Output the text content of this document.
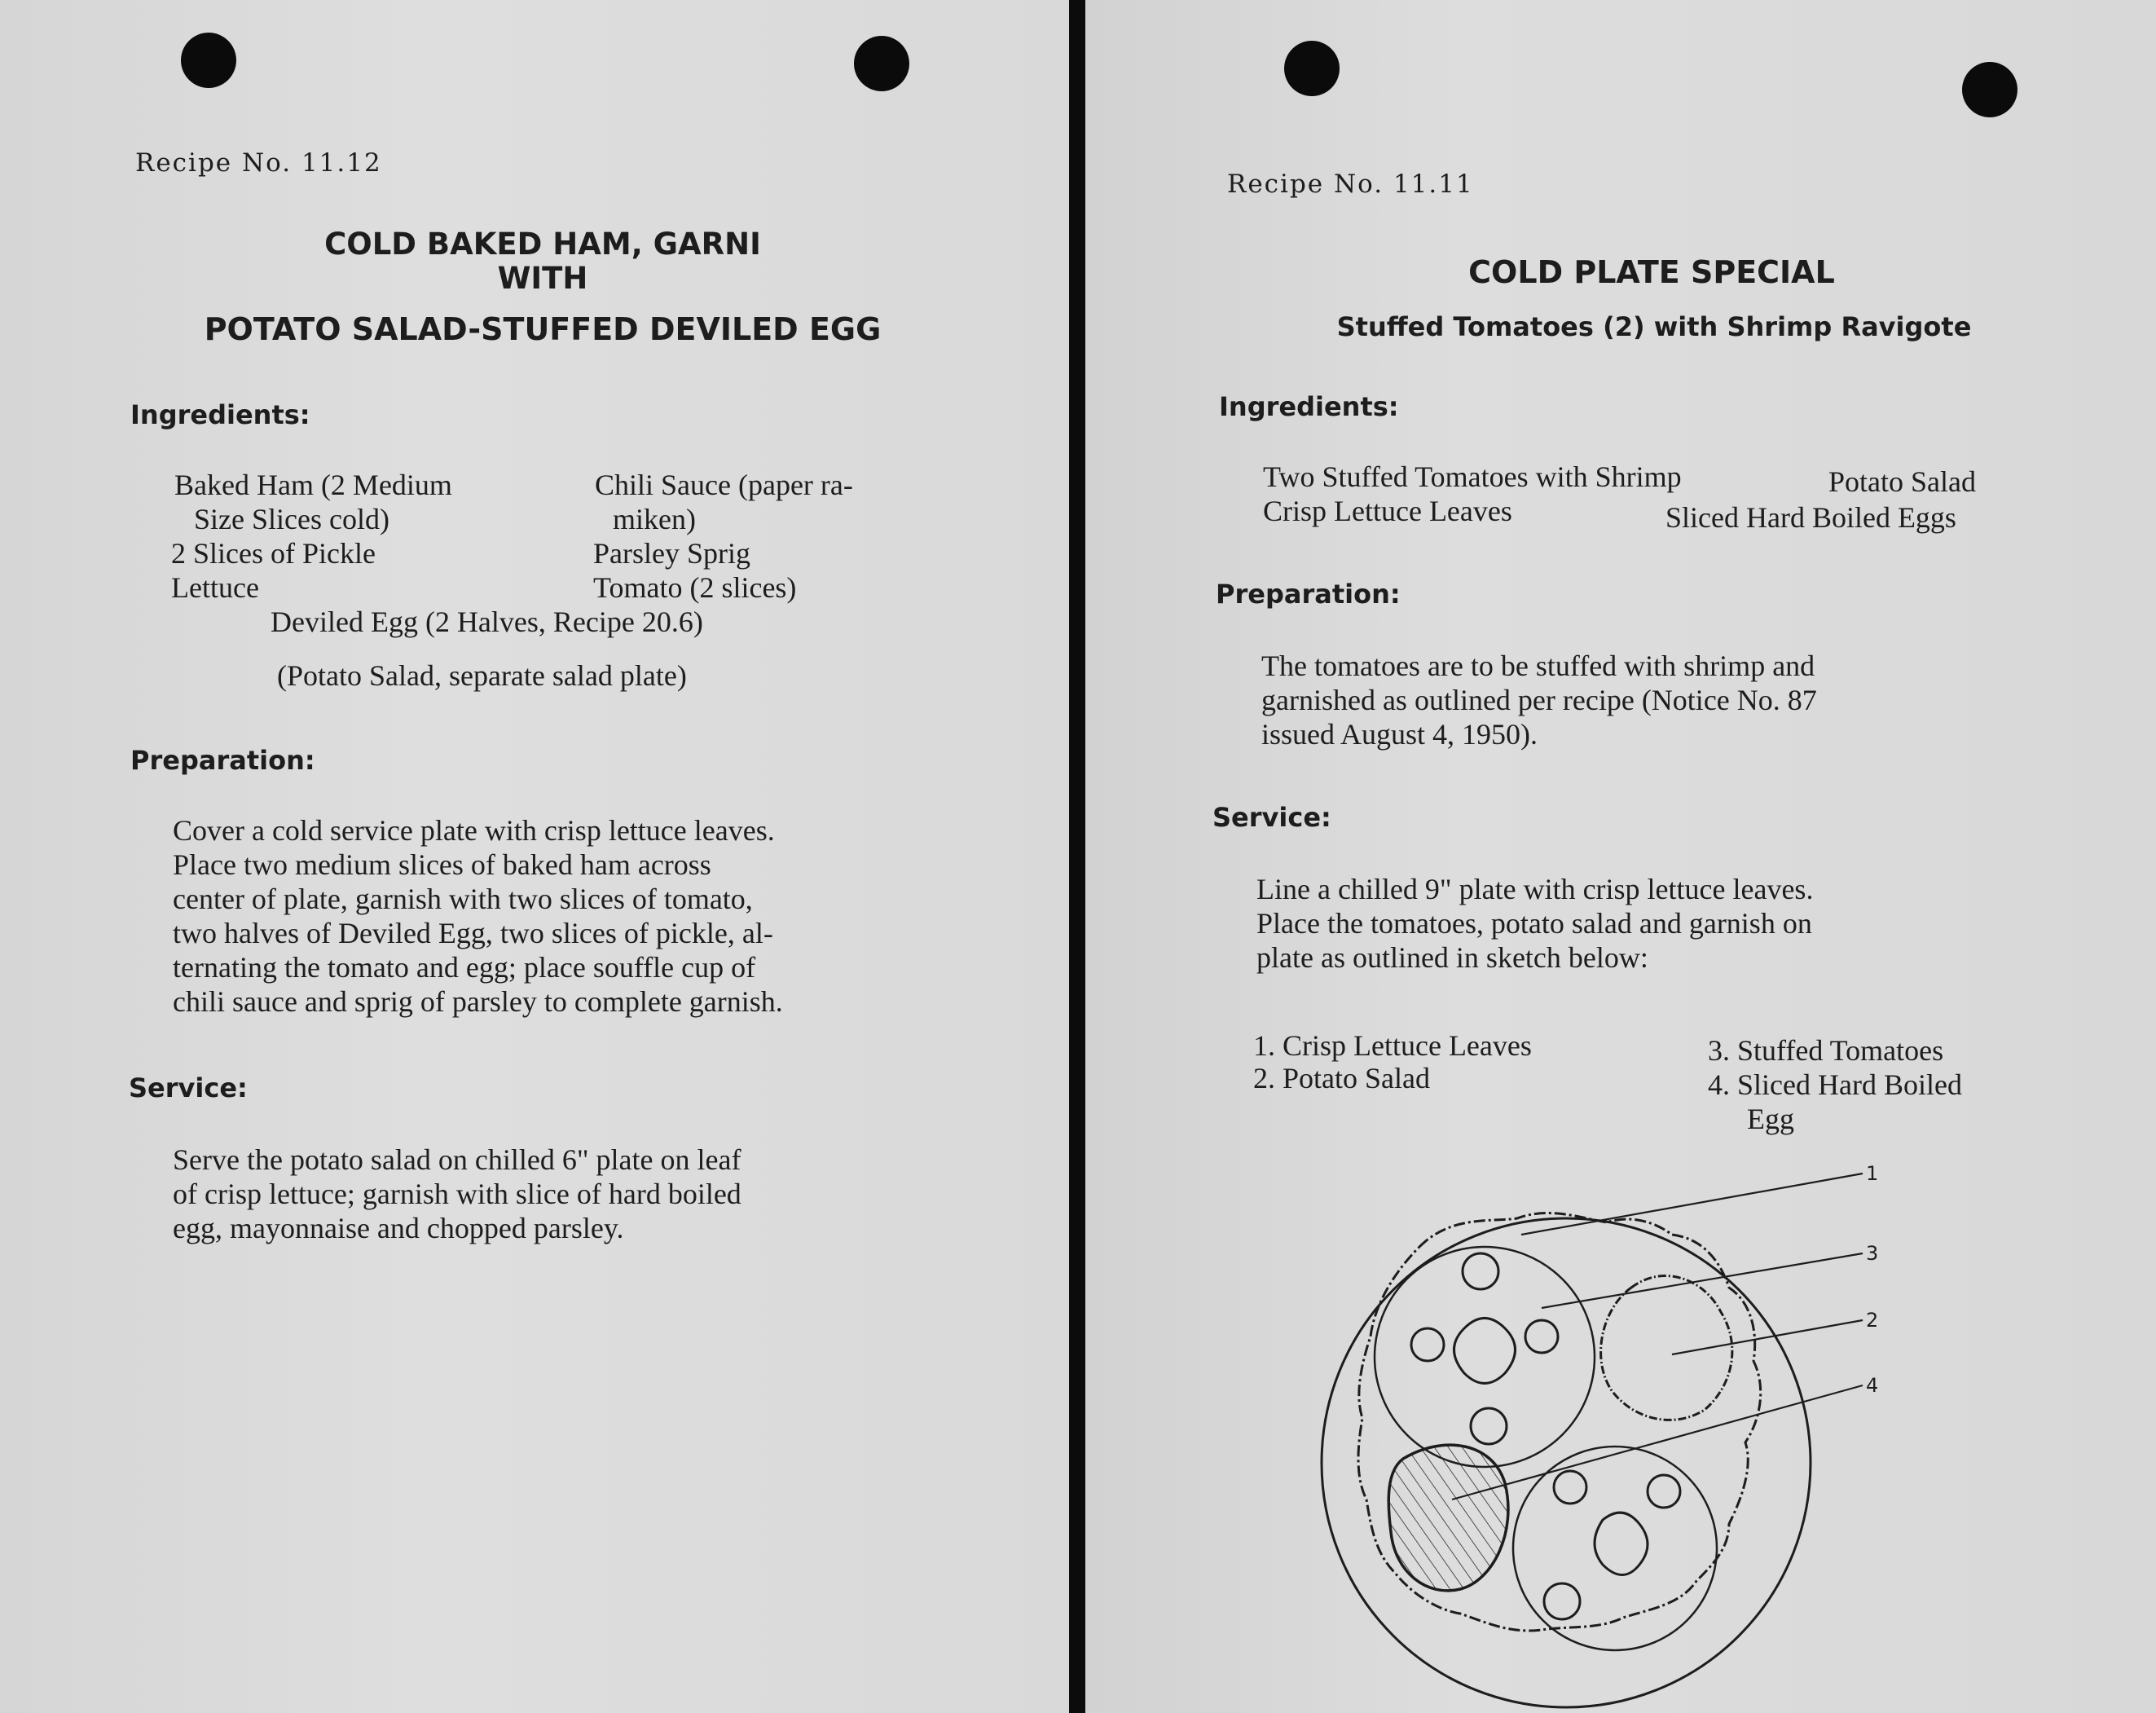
Recipe No. 11.12
COLD BAKED HAM, GARNI
WITH
POTATO SALAD-STUFFED DEVILED EGG
Ingredients:
Baked Ham (2 Medium
Size Slices cold)
2 Slices of Pickle
Lettuce
Chili Sauce (paper ra-
miken)
Parsley Sprig
Tomato (2 slices)
Deviled Egg (2 Halves, Recipe 20.6)
(Potato Salad, separate salad plate)
Preparation:
Cover a cold service plate with crisp lettuce leaves.
Place two medium slices of baked ham across
center of plate, garnish with two slices of tomato,
two halves of Deviled Egg, two slices of pickle, al-
ternating the tomato and egg; place souffle cup of
chili sauce and sprig of parsley to complete garnish.
Service:
Serve the potato salad on chilled 6" plate on leaf
of crisp lettuce; garnish with slice of hard boiled
egg, mayonnaise and chopped parsley.
Recipe No. 11.11
COLD PLATE SPECIAL
Stuffed Tomatoes (2) with Shrimp Ravigote
Ingredients:
Two Stuffed Tomatoes with Shrimp	Potato Salad
Crisp Lettuce Leaves	Sliced Hard Boiled Eggs
Preparation:
The tomatoes are to be stuffed with shrimp and
garnished as outlined per recipe (Notice No. 87
issued August 4, 1950).
Service:
Line a chilled 9" plate with crisp lettuce leaves.
Place the tomatoes, potato salad and garnish on
plate as outlined in sketch below:
1. Crisp Lettuce Leaves
2. Potato Salad
3. Stuffed Tomatoes
4. Sliced Hard Boiled
Egg
1
3
2
4
